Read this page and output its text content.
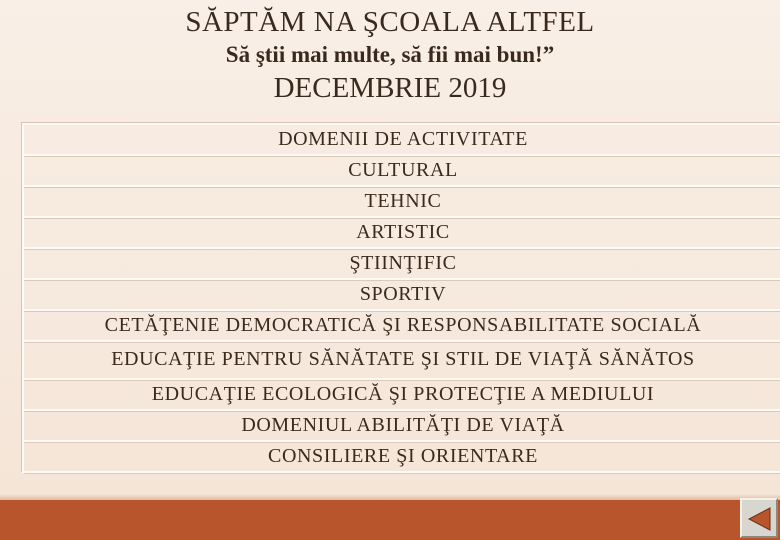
SĂPTĂM NA ŞCOALA ALTFEL
Să ştii mai multe, să fii mai bun!”
DECEMBRIE 2019
DOMENII DE ACTIVITATE
CULTURAL
TEHNIC
ARTISTIC
ŞTIINŢIFIC
SPORTIV
CETĂŢENIE DEMOCRATICĂ ŞI RESPONSABILITATE SOCIALĂ
EDUCAŢIE PENTRU SĂNĂTATE ŞI STIL DE VIAŢĂ SĂNĂTOS
EDUCAŢIE ECOLOGICĂ ŞI PROTECŢIE A MEDIULUI
DOMENIUL ABILITĂŢI DE VIAŢĂ
CONSILIERE ŞI ORIENTARE
